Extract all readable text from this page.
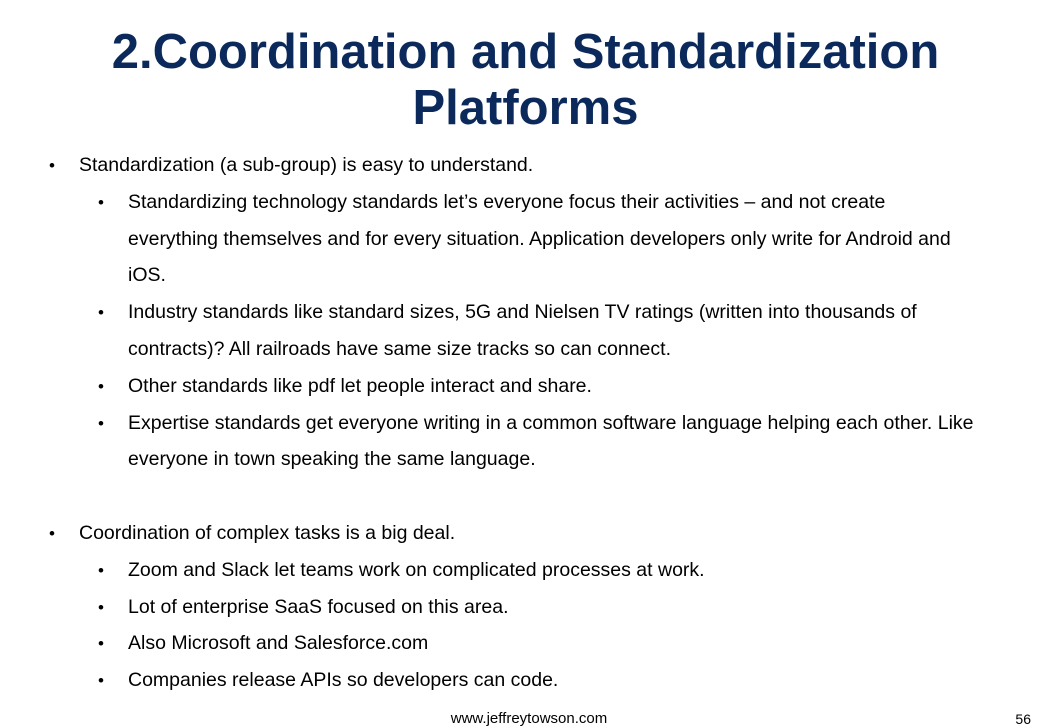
2.Coordination and Standardization
Platforms
• Standardization (a sub-group) is easy to understand.
• Standardizing technology standards let’s everyone focus their activities – and not create
everything themselves and for every situation. Application developers only write for Android and
iOS.
• Industry standards like standard sizes, 5G and Nielsen TV ratings (written into thousands of
contracts)? All railroads have same size tracks so can connect.
• Other standards like pdf let people interact and share.
• Expertise standards get everyone writing in a common software language helping each other. Like
everyone in town speaking the same language.
• Coordination of complex tasks is a big deal.
• Zoom and Slack let teams work on complicated processes at work.
• Lot of enterprise SaaS focused on this area.
• Also Microsoft and Salesforce.com
• Companies release APIs so developers can code.
www.jeffreytowson.com	56
